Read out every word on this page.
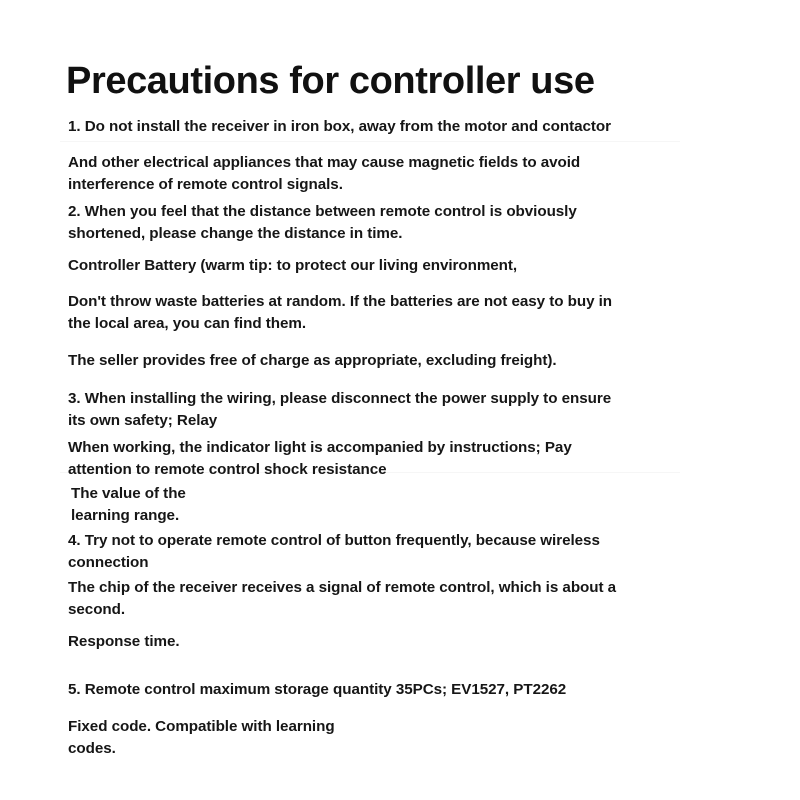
Precautions for controller use
1. Do not install the receiver in iron box, away from the motor and contactor
And other electrical appliances that may cause magnetic fields to avoid
interference of remote control signals.
2. When you feel that the distance between remote control is obviously
shortened, please change the distance in time.
Controller Battery (warm tip: to protect our living environment,
Don't throw waste batteries at random. If the batteries are not easy to buy in
the local area, you can find them.
The seller provides free of charge as appropriate, excluding freight).
3. When installing the wiring, please disconnect the power supply to ensure
its own safety; Relay
When working, the indicator light is accompanied by instructions; Pay
attention to remote control shock resistance
The value of the
learning range.
4. Try not to operate remote control of button frequently, because wireless
connection
The chip of the receiver receives a signal of remote control, which is about a
second.
Response time.
5. Remote control maximum storage quantity 35PCs; EV1527, PT2262
Fixed code. Compatible with learning
codes.
